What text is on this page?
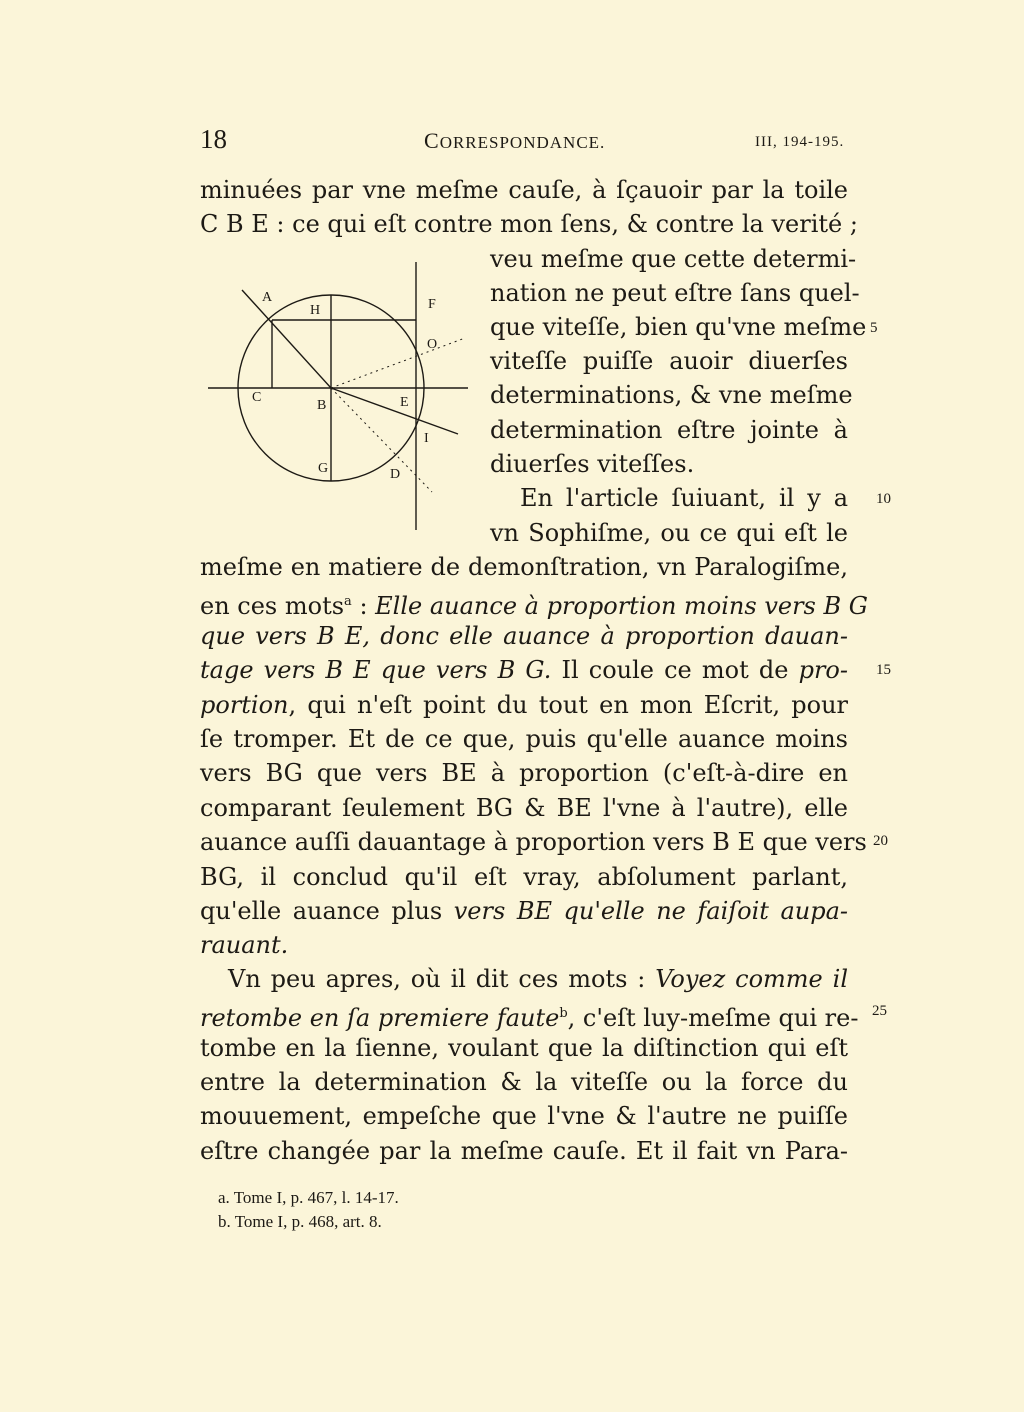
18	CORRESPONDANCE.	III, 194-195.
minuées par vne meſme cauſe, à ſçauoir par la toile
C B E : ce qui eſt contre mon ſens, & contre la verité ;
veu meſme que cette determi-
nation ne peut eſtre ſans quel-
que viteſſe, bien qu'vne meſme
viteſſe puiſſe auoir diuerſes
determinations, & vne meſme
determination eſtre jointe à
diuerſes viteſſes.
En l'article ſuiuant, il y a
vn Sophiſme, ou ce qui eſt le
meſme en matiere de demonſtration, vn Paralogiſme,
en ces mots$^a$ : Elle auance à proportion moins vers B G
que vers B E, donc elle auance à proportion dauan-
tage vers B E que vers B G. Il coule ce mot de pro-
portion, qui n'eſt point du tout en mon Eſcrit, pour
ſe tromper. Et de ce que, puis qu'elle auance moins
vers BG que vers BE à proportion (c'eſt-à-dire en
comparant ſeulement BG & BE l'vne à l'autre), elle
auance auſſi dauantage à proportion vers B E que vers
BG, il conclud qu'il eſt vray, abſolument parlant,
qu'elle auance plus vers BE qu'elle ne faiſoit aupa-
rauant.
Vn peu apres, où il dit ces mots : Voyez comme il
retombe en ſa premiere faute$^b$, c'eſt luy-meſme qui re-
tombe en la ſienne, voulant que la diſtinction qui eſt
entre la determination & la viteſſe ou la force du
mouuement, empeſche que l'vne & l'autre ne puiſſe
eſtre changée par la meſme cauſe. Et il fait vn Para-
5
10
15
20
25
a. Tome I, p. 467, l. 14-17.
b. Tome I, p. 468, art. 8.
A
H	F
O
C
B	E
I
G	D
